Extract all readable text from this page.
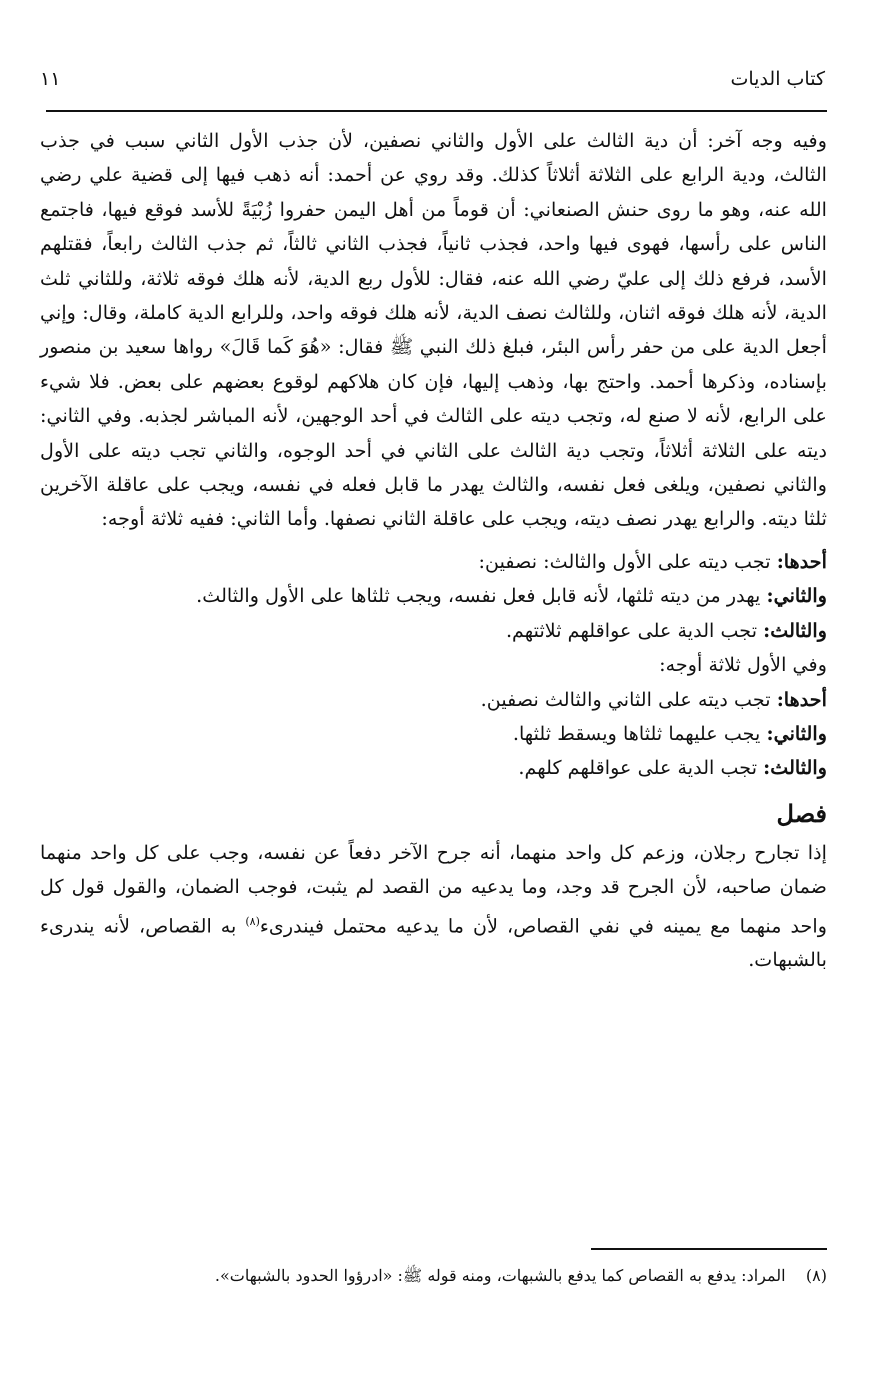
كتاب الديات
١١

وفيه وجه آخر: أن دية الثالث على الأول والثاني نصفين، لأن جذب الأول الثاني سبب في جذب الثالث، ودية الرابع على الثلاثة أثلاثاً كذلك. وقد روي عن أحمد: أنه ذهب فيها إلى قضية علي رضي الله عنه، وهو ما روى حنش الصنعاني: أن قوماً من أهل اليمن حفروا زُبْيَةً للأسد فوقع فيها، فاجتمع الناس على رأسها، فهوى فيها واحد، فجذب ثانياً، فجذب الثاني ثالثاً، ثم جذب الثالث رابعاً، فقتلهم الأسد، فرفع ذلك إلى عليّ رضي الله عنه، فقال: للأول ربع الدية، لأنه هلك فوقه ثلاثة، وللثاني ثلث الدية، لأنه هلك فوقه اثنان، وللثالث نصف الدية، لأنه هلك فوقه واحد، وللرابع الدية كاملة، وقال: وإني أجعل الدية على من حفر رأس البئر، فبلغ ذلك النبي ﷺ فقال: «هُوَ كَما قَالَ» رواها سعيد بن منصور بإسناده، وذكرها أحمد. واحتج بها، وذهب إليها، فإن كان هلاكهم لوقوع بعضهم على بعض. فلا شيء على الرابع، لأنه لا صنع له، وتجب ديته على الثالث في أحد الوجهين، لأنه المباشر لجذبه. وفي الثاني: ديته على الثلاثة أثلاثاً، وتجب دية الثالث على الثاني في أحد الوجوه، والثاني تجب ديته على الأول والثاني نصفين، ويلغى فعل نفسه، والثالث يهدر ما قابل فعله في نفسه، ويجب على عاقلة الآخرين ثلثا ديته. والرابع يهدر نصف ديته، ويجب على عاقلة الثاني نصفها. وأما الثاني: ففيه ثلاثة أوجه:

أحدها: تجب ديته على الأول والثالث: نصفين:

والثاني: يهدر من ديته ثلثها، لأنه قابل فعل نفسه، ويجب ثلثاها على الأول والثالث.

والثالث: تجب الدية على عواقلهم ثلاثتهم.

وفي الأول ثلاثة أوجه:

أحدها: تجب ديته على الثاني والثالث نصفين.

والثاني: يجب عليهما ثلثاها ويسقط ثلثها.

والثالث: تجب الدية على عواقلهم كلهم.

فصل

إذا تجارح رجلان، وزعم كل واحد منهما، أنه جرح الآخر دفعاً عن نفسه، وجب على كل واحد منهما ضمان صاحبه، لأن الجرح قد وجد، وما يدعيه من القصد لم يثبت، فوجب الضمان، والقول قول كل واحد منهما مع يمينه في نفي القصاص، لأن ما يدعيه محتمل فيندرىء$^{(٨)}$ به القصاص، لأنه يندرىء بالشبهات.

(٨)    المراد: يدفع به القصاص كما يدفع بالشبهات، ومنه قوله ﷺ: «ادرؤوا الحدود بالشبهات».
